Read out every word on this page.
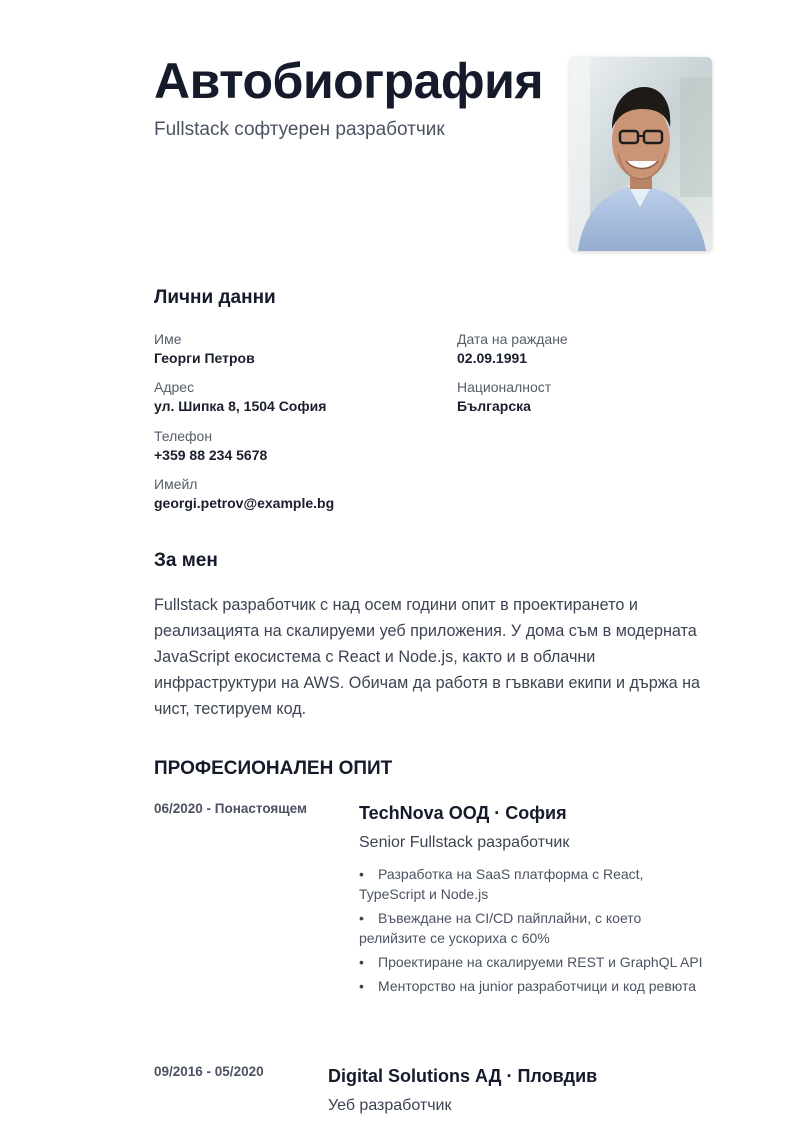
Автобиография
Fullstack софтуерен разработчик
Лични данни
Име
Георги Петров
Адрес
ул. Шипка 8, 1504 София
Телефон
+359 88 234 5678
Имейл
georgi.petrov@example.bg
Дата на раждане
02.09.1991
Националност
Българска
За мен

Fullstack разработчик с над осем години опит в проектирането и реализацията на скалируеми уеб приложения. У дома съм в модерната JavaScript екосистема с React и Node.js, както и в облачни инфраструктури на AWS. Обичам да работя в гъвкави екипи и държа на чист, тестируем код.

ПРОФЕСИОНАЛЕН ОПИТ
06/2020 - Понастоящем	TechNova ООД · София
Senior Fullstack разработчик
• Разработка на SaaS платформа с React, TypeScript и Node.js
• Въвеждане на CI/CD пайплайни, с което релийзите се ускориха с 60%
• Проектиране на скалируеми REST и GraphQL API
• Менторство на junior разработчици и код ревюта
09/2016 - 05/2020	Digital Solutions АД · Пловдив
Уеб разработчик
